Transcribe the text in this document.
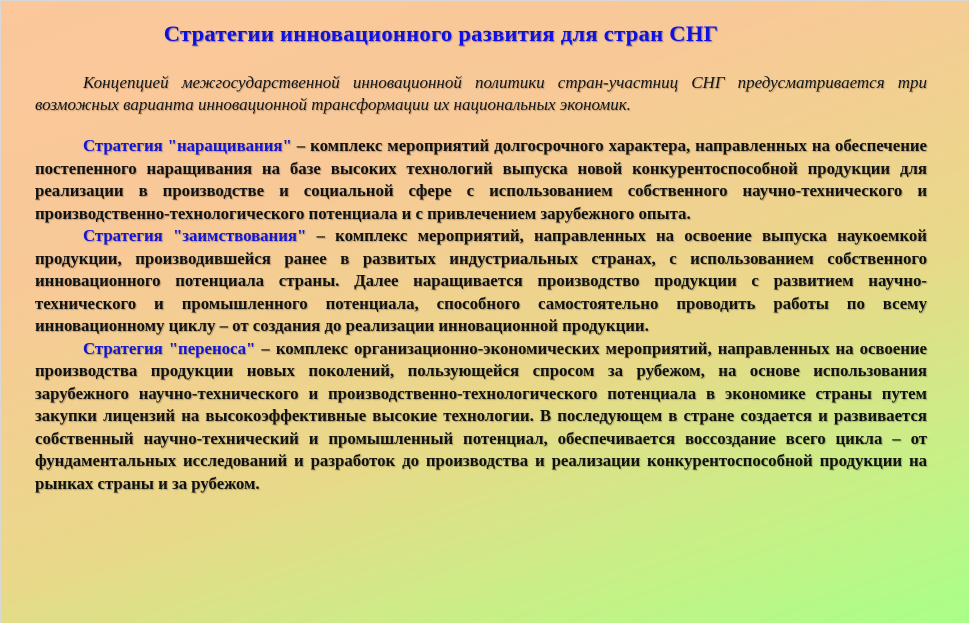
Стратегии инновационного развития для стран СНГ

Концепцией межгосударственной инновационной политики стран-участниц СНГ предусматривается три возможных варианта инновационной трансформации их национальных экономик.

Стратегия "наращивания" – комплекс мероприятий долгосрочного характера, направленных на обеспечение постепенного наращивания на базе высоких технологий выпуска новой конкурентоспособной продукции для реализации в производстве и социальной сфере с использованием собственного научно-технического и производственно-технологического потенциала и с привлечением зарубежного опыта.

Стратегия "заимствования" – комплекс мероприятий, направленных на освоение выпуска наукоемкой продукции, производившейся ранее в развитых индустриальных странах, с использованием собственного инновационного потенциала страны. Далее наращивается производство продукции с развитием научно-технического и промышленного потенциала, способного самостоятельно проводить работы по всему инновационному циклу – от создания до реализации инновационной продукции.

Стратегия "переноса" – комплекс организационно-экономических мероприятий, направленных на освоение производства продукции новых поколений, пользующейся спросом за рубежом, на основе использования зарубежного научно-технического и производственно-технологического потенциала в экономике страны путем закупки лицензий на высокоэффективные высокие технологии. В последующем в стране создается и развивается собственный научно-технический и промышленный потенциал, обеспечивается воссоздание всего цикла – от фундаментальных исследований и разработок до производства и реализации конкурентоспособной продукции на рынках страны и за рубежом.
